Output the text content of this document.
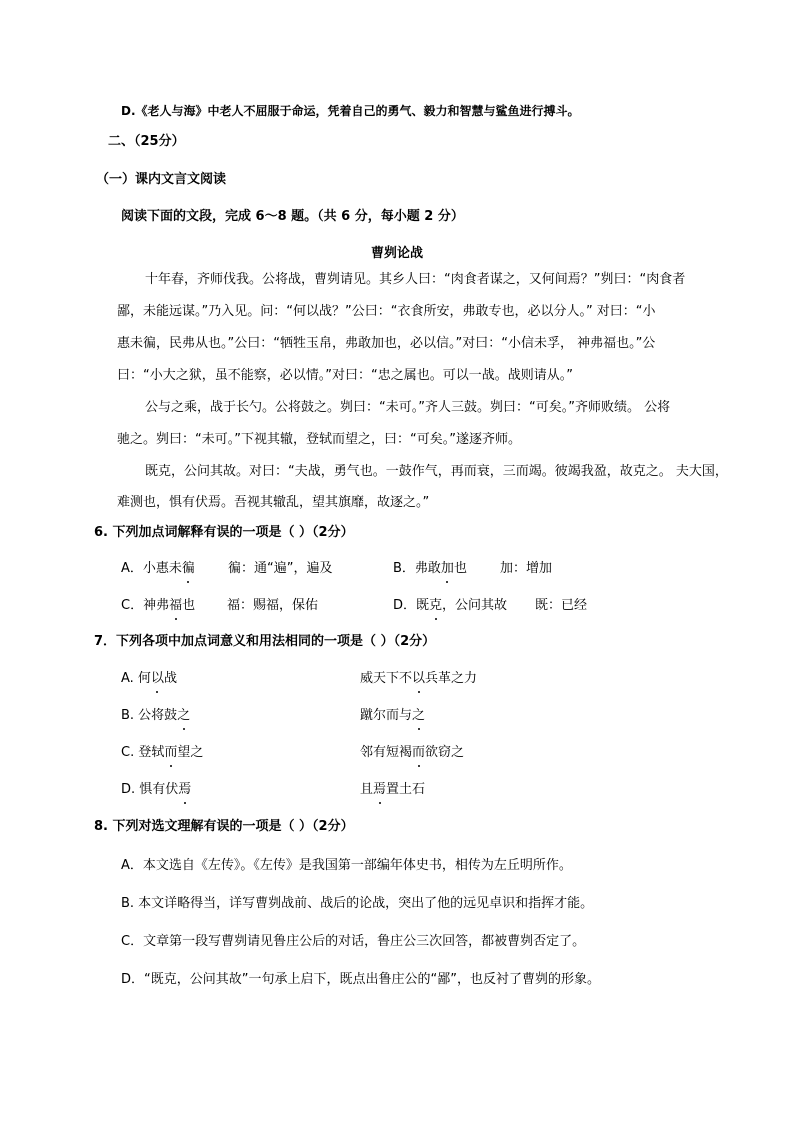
D.《老人与海》中老人不屈服于命运，凭着自己的勇气、毅力和智慧与鲨鱼进行搏斗。
二、（25分）
（一）课内文言文阅读
阅读下面的文段，完成 6～8 题。（共 6 分，每小题 2 分）
曹刿论战
十年春，齐师伐我。公将战，曹刿请见。其乡人曰：“肉食者谋之，又何间焉？”刿曰：“肉食者
鄙，未能远谋。”乃入见。问：“何以战？”公曰：“衣食所安，弗敢专也，必以分人。” 对曰：“小
惠未徧，民弗从也。”公曰：“牺牲玉帛，弗敢加也，必以信。”对曰：“小信未孚， 神弗福也。”公
曰：“小大之狱，虽不能察，必以情。”对曰：“忠之属也。可以一战。战则请从。”
公与之乘，战于长勺。公将鼓之。刿曰：“未可。”齐人三鼓。刿曰：“可矣。”齐师败绩。 公将
驰之。刿曰：“未可。”下视其辙，登轼而望之，曰：“可矣。”遂逐齐师。
既克，公问其故。对曰：“夫战，勇气也。一鼓作气，再而衰，三而竭。彼竭我盈，故克之。 夫大国，
难测也，惧有伏焉。吾视其辙乱，望其旗靡，故逐之。”
6. 下列加点词解释有误的一项是（ ）（2分）
A．小惠未徧	徧：通“遍”，遍及	B．弗敢加也	加：增加
C．神弗福也 福：赐福，保佑	D．既克，公问其故 既：已经
7．下列各项中加点词意义和用法相同的一项是（ ）（2分）
A. 何以战	威天下不以兵革之力
B. 公将鼓之	蹴尔而与之
C. 登轼而望之	邻有短褐而欲窃之
D. 惧有伏焉	且焉置土石
8. 下列对选文理解有误的一项是（ ）（2分）
A．本文选自《左传》。《左传》是我国第一部编年体史书，相传为左丘明所作。
B. 本文详略得当，详写曹刿战前、战后的论战，突出了他的远见卓识和指挥才能。
C．文章第一段写曹刿请见鲁庄公后的对话，鲁庄公三次回答，都被曹刿否定了。
D．“既克，公问其故”一句承上启下，既点出鲁庄公的“鄙”，也反衬了曹刿的形象。
